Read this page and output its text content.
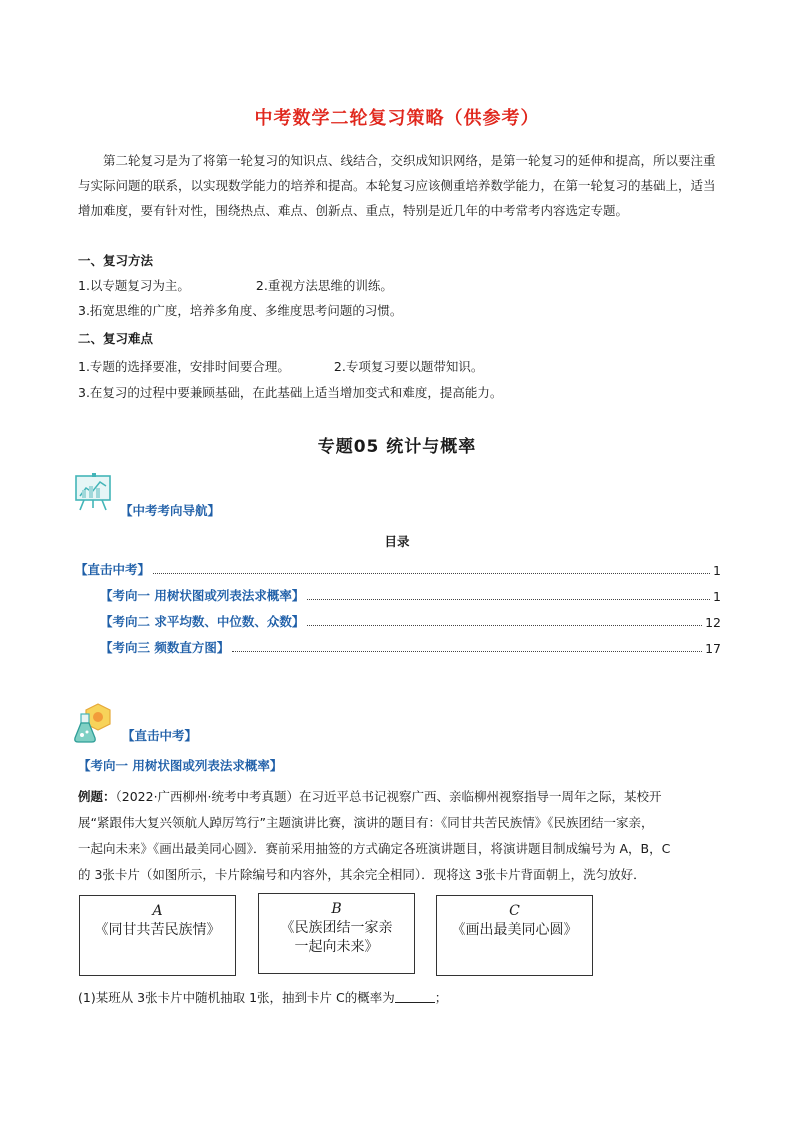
中考数学二轮复习策略（供参考）
第二轮复习是为了将第一轮复习的知识点、线结合，交织成知识网络，是第一轮复习的延伸和提高，所以要注重与实际问题的联系，以实现数学能力的培养和提高。本轮复习应该侧重培养数学能力，在第一轮复习的基础上，适当增加难度，要有针对性，围绕热点、难点、创新点、重点，特别是近几年的中考常考内容选定专题。
一、复习方法
1.以专题复习为主。	2.重视方法思维的训练。
3.拓宽思维的广度，培养多角度、多维度思考问题的习惯。
二、复习难点
1.专题的选择要准，安排时间要合理。	2.专项复习要以题带知识。
3.在复习的过程中要兼顾基础，在此基础上适当增加变式和难度，提高能力。
专题05 统计与概率
【中考考向导航】
目录
【直击中考】	1
【考向一 用树状图或列表法求概率】	1
【考向二 求平均数、中位数、众数】	12
【考向三 频数直方图】	17
【直击中考】
【考向一 用树状图或列表法求概率】
例题：（2022·广西柳州·统考中考真题）在习近平总书记视察广西、亲临柳州视察指导一周年之际，某校开
展“紧跟伟大复兴领航人踔厉笃行”主题演讲比赛，演讲的题目有：《同甘共苦民族情》《民族团结一家亲，
一起向未来》《画出最美同心圆》．赛前采用抽签的方式确定各班演讲题目，将演讲题目制成编号为 A，B，C
的 3张卡片（如图所示，卡片除编号和内容外，其余完全相同）．现将这 3张卡片背面朝上，洗匀放好．
A
《同甘共苦民族情》
B
《民族团结一家亲
一起向未来》
C
《画出最美同心圆》
(1)某班从 3张卡片中随机抽取 1张，抽到卡片 C的概率为	；
